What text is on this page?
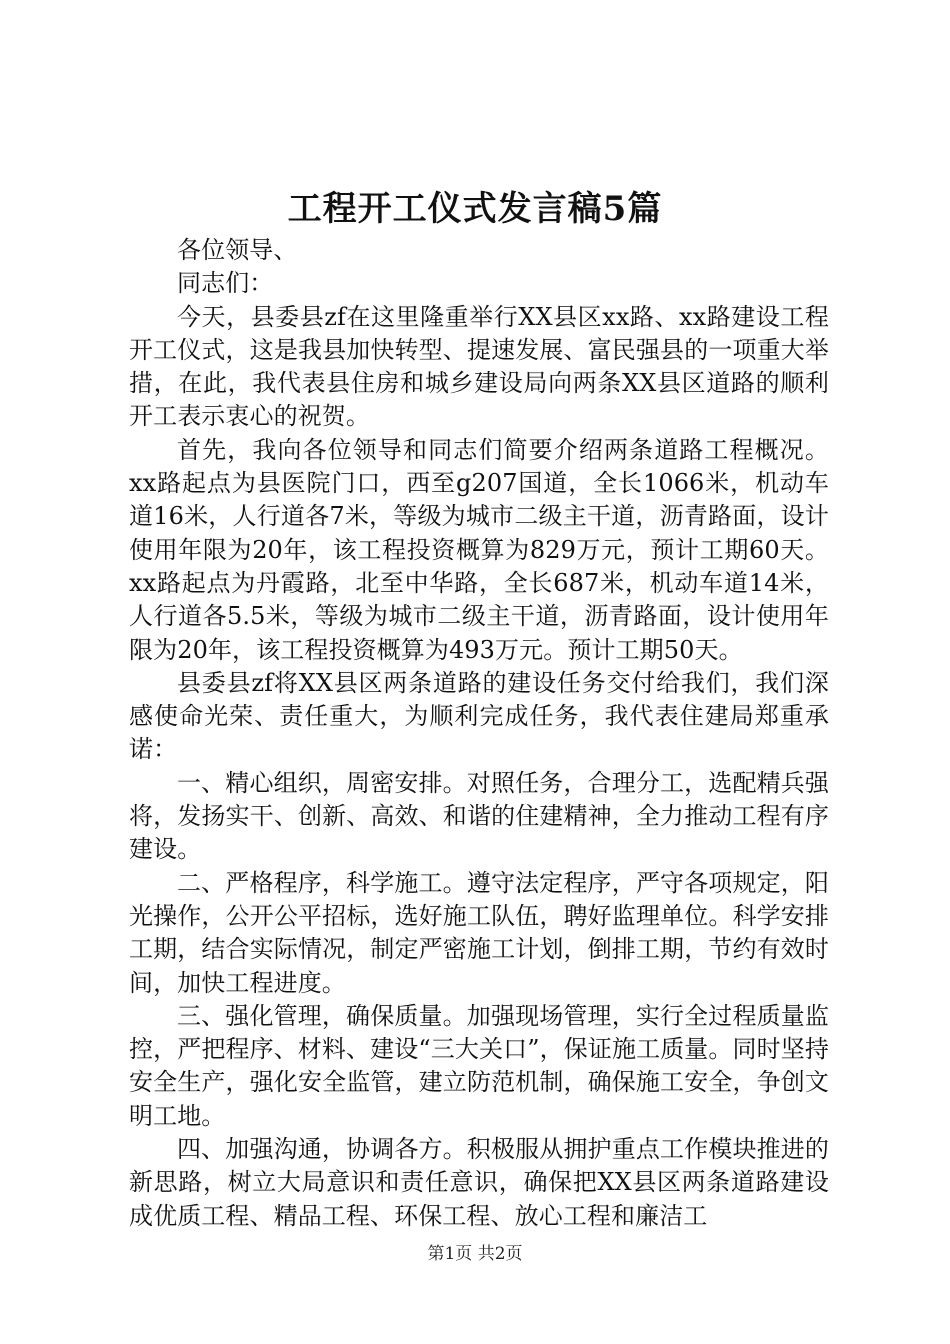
工程开工仪式发言稿5篇

各位领导、

同志们：

今天，县委县zf在这里隆重举行XX县区xx路、xx路建设工程开工仪式，这是我县加快转型、提速发展、富民强县的一项重大举措，在此，我代表县住房和城乡建设局向两条XX县区道路的顺利开工表示衷心的祝贺。

首先，我向各位领导和同志们简要介绍两条道路工程概况。xx路起点为县医院门口，西至g207国道，全长1066米，机动车道16米，人行道各7米，等级为城市二级主干道，沥青路面，设计使用年限为20年，该工程投资概算为829万元，预计工期60天。xx路起点为丹霞路，北至中华路，全长687米，机动车道14米，人行道各5.5米，等级为城市二级主干道，沥青路面，设计使用年限为20年，该工程投资概算为493万元。预计工期50天。

县委县zf将XX县区两条道路的建设任务交付给我们，我们深感使命光荣、责任重大，为顺利完成任务，我代表住建局郑重承诺：

一、精心组织，周密安排。对照任务，合理分工，选配精兵强将，发扬实干、创新、高效、和谐的住建精神，全力推动工程有序建设。

二、严格程序，科学施工。遵守法定程序，严守各项规定，阳光操作，公开公平招标，选好施工队伍，聘好监理单位。科学安排工期，结合实际情况，制定严密施工计划，倒排工期，节约有效时间，加快工程进度。

三、强化管理，确保质量。加强现场管理，实行全过程质量监控，严把程序、材料、建设“三大关口”，保证施工质量。同时坚持安全生产，强化安全监管，建立防范机制，确保施工安全，争创文明工地。

四、加强沟通，协调各方。积极服从拥护重点工作模块推进的新思路，树立大局意识和责任意识，确保把XX县区两条道路建设成优质工程、精品工程、环保工程、放心工程和廉洁工

第1页 共2页
